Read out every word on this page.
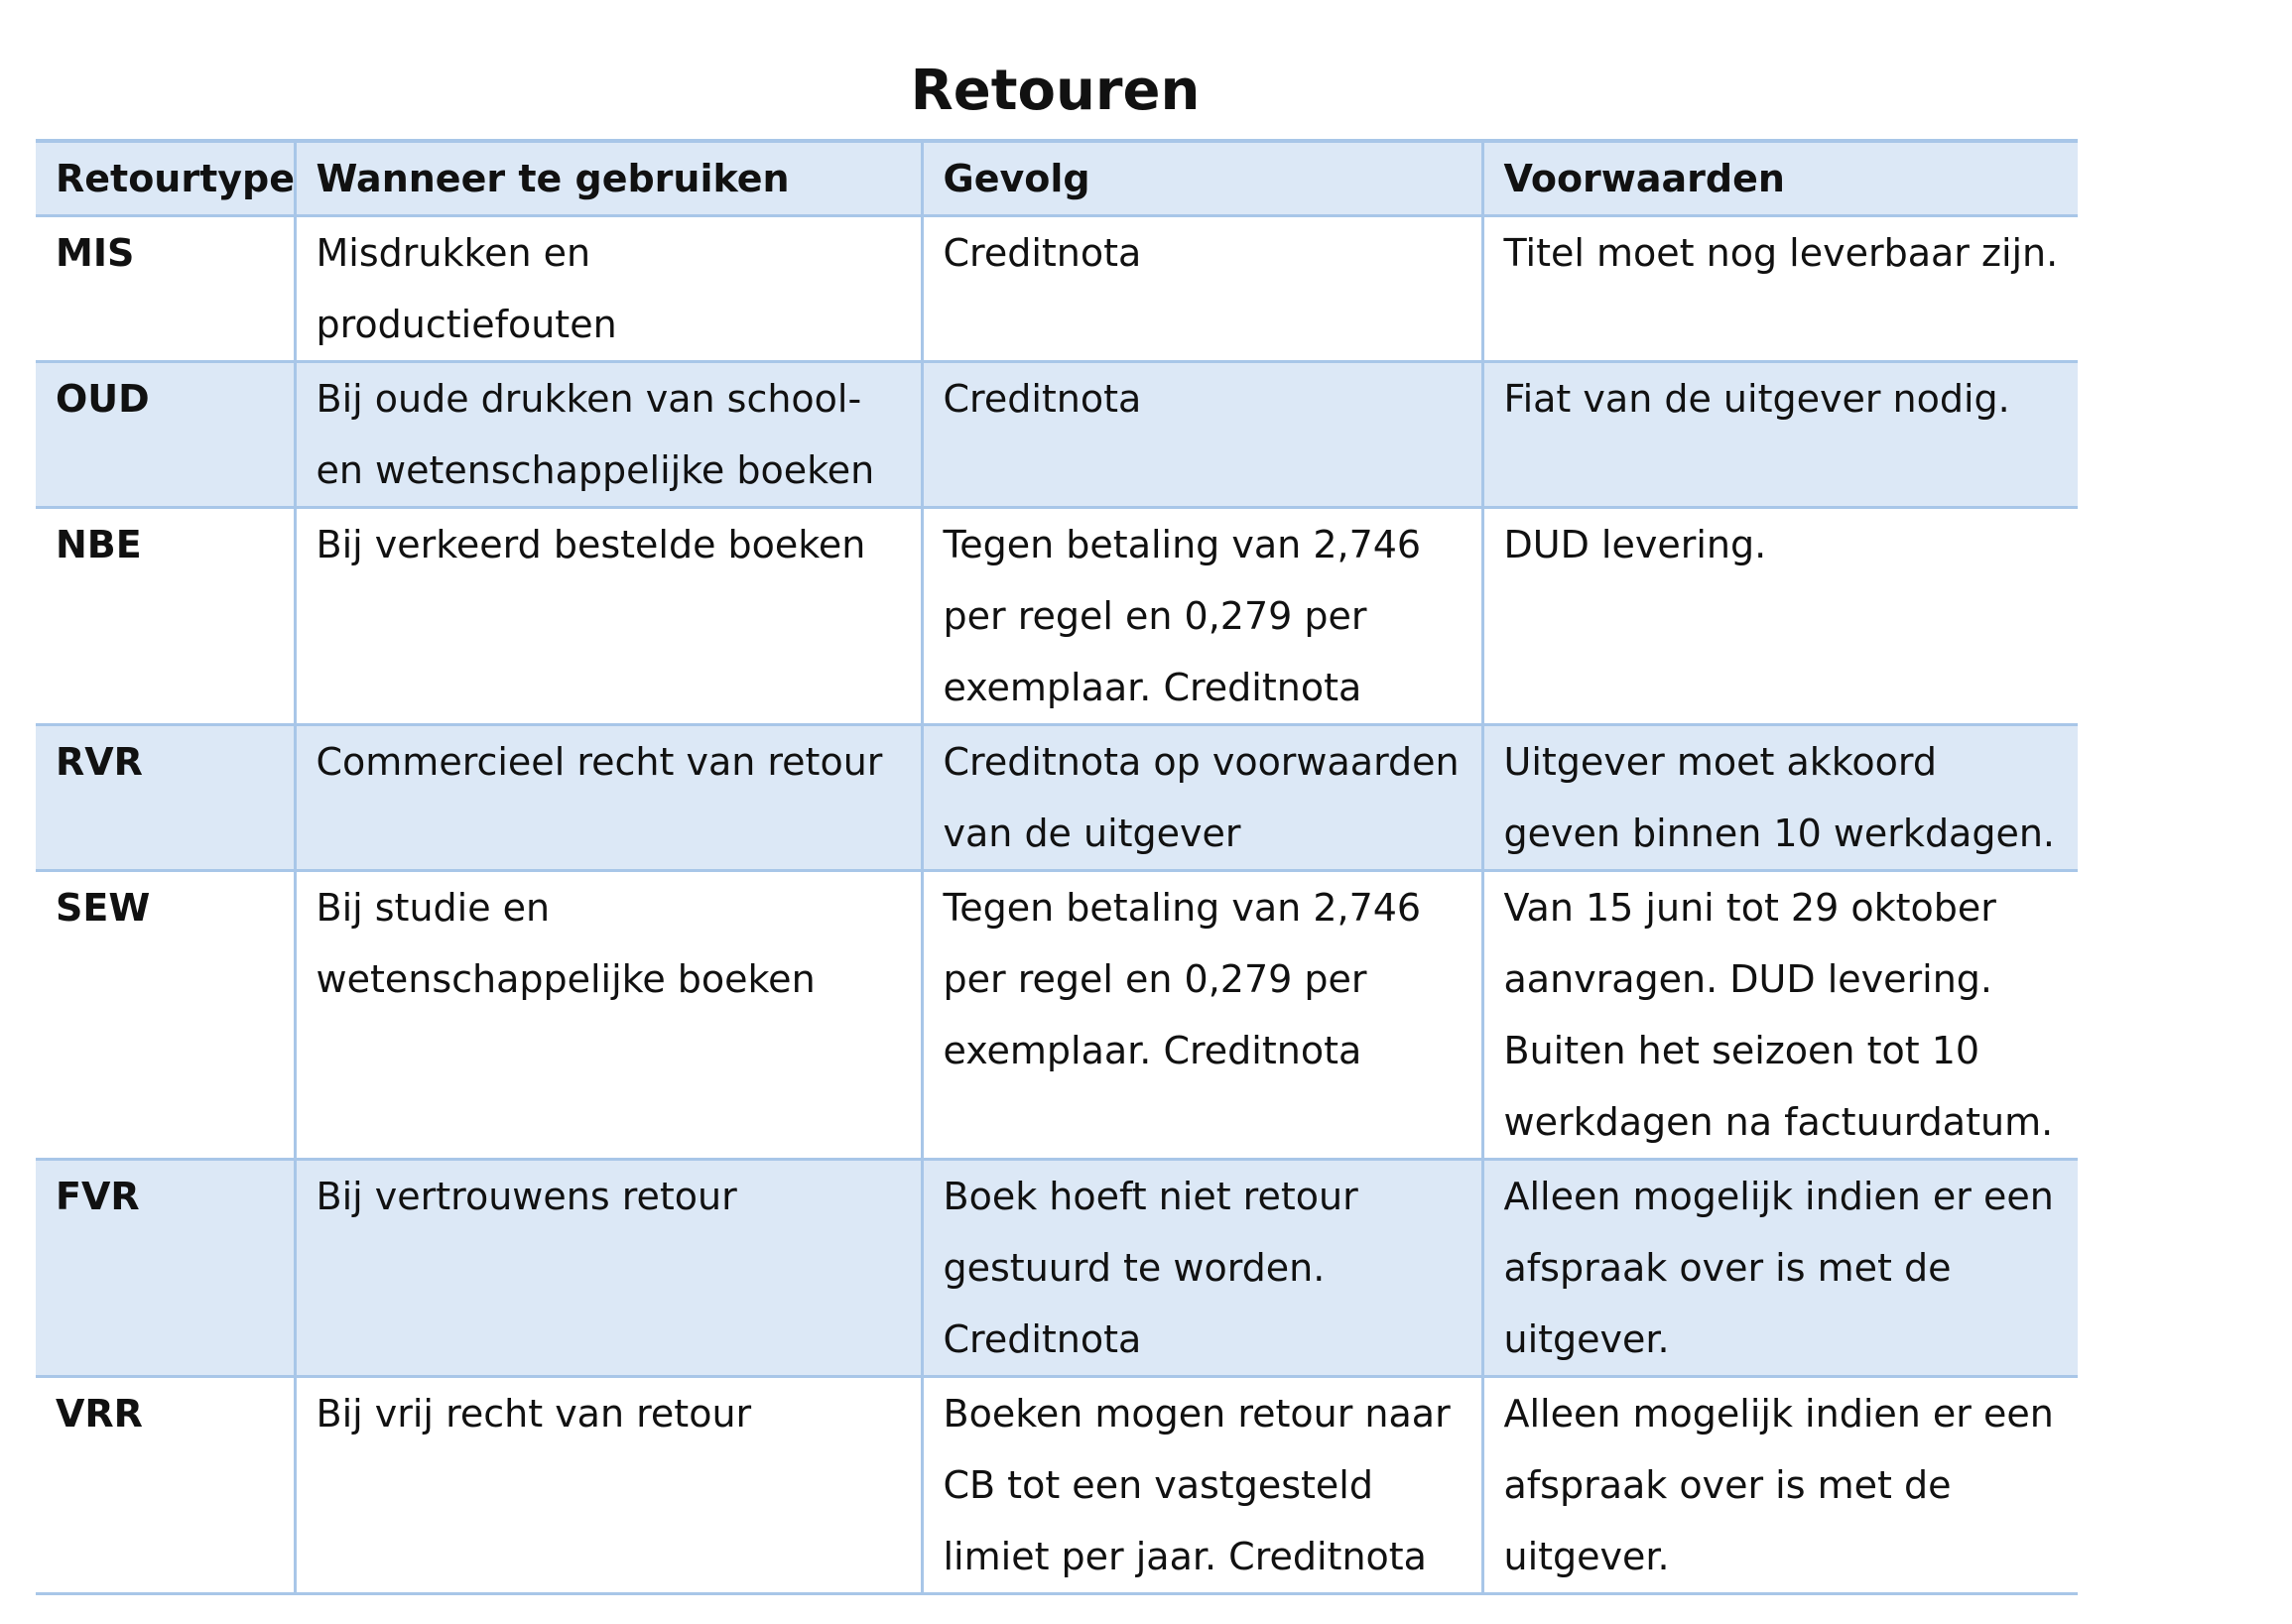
Retouren
Retourtype	Wanneer te gebruiken	Gevolg	Voorwaarden
MIS	Misdrukken en productiefouten	Creditnota	Titel moet nog leverbaar zijn.
OUD	Bij oude drukken van school- en wetenschappelijke boeken	Creditnota	Fiat van de uitgever nodig.
NBE	Bij verkeerd bestelde boeken	Tegen betaling van 2,746 per regel en 0,279 per exemplaar. Creditnota	DUD levering.
RVR	Commercieel recht van retour	Creditnota op voorwaarden van de uitgever	Uitgever moet akkoord geven binnen 10 werkdagen.
SEW	Bij studie en wetenschappelijke boeken	Tegen betaling van 2,746 per regel en 0,279 per exemplaar. Creditnota	Van 15 juni tot 29 oktober aanvragen. DUD levering. Buiten het seizoen tot 10 werkdagen na factuurdatum.
FVR	Bij vertrouwens retour	Boek hoeft niet retour gestuurd te worden. Creditnota	Alleen mogelijk indien er een afspraak over is met de uitgever.
VRR	Bij vrij recht van retour	Boeken mogen retour naar CB tot een vastgesteld limiet per jaar. Creditnota	Alleen mogelijk indien er een afspraak over is met de uitgever.
